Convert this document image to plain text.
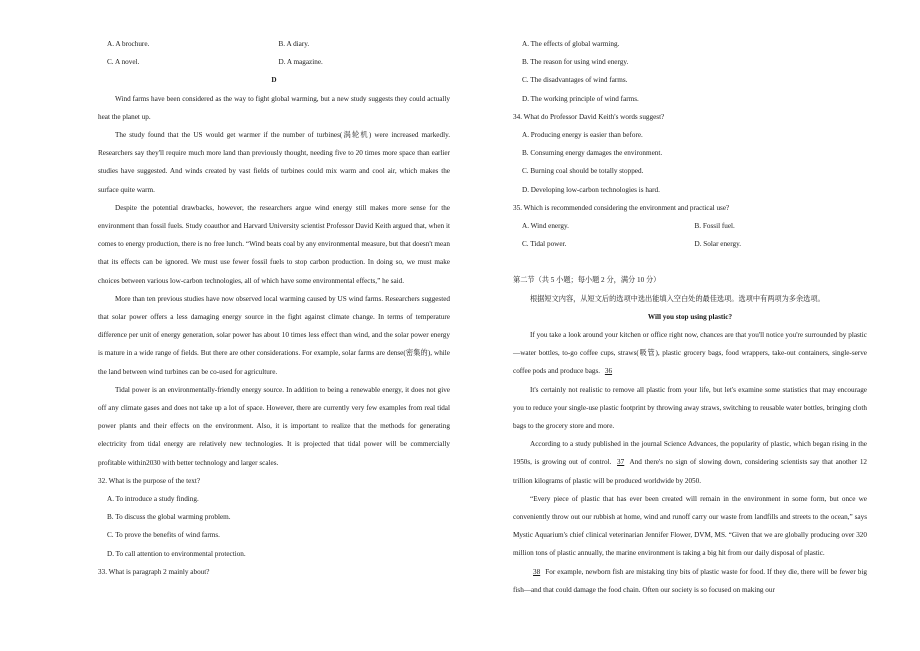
A. A brochure.	B. A diary.
C. A novel.	D. A magazine.
D

Wind farms have been considered as the way to fight global warming, but a new study suggests they could actually heat the planet up.

The study found that the US would get warmer if the number of turbines(涡轮机) were increased markedly. Researchers say they'll require much more land than previously thought, needing five to 20 times more space than earlier studies have suggested. And winds created by vast fields of turbines could mix warm and cool air, which makes the surface quite warm.

Despite the potential drawbacks, however, the researchers argue wind energy still makes more sense for the environment than fossil fuels. Study coauthor and Harvard University scientist Professor David Keith argued that, when it comes to energy production, there is no free lunch. “Wind beats coal by any environmental measure, but that doesn't mean that its effects can be ignored. We must use fewer fossil fuels to stop carbon production. In doing so, we must make choices between various low-carbon technologies, all of which have some environmental effects,” he said.

More than ten previous studies have now observed local warming caused by US wind farms. Researchers suggested that solar power offers a less damaging energy source in the fight against climate change. In terms of temperature difference per unit of energy generation, solar power has about 10 times less effect than wind, and the solar power energy is mature in a wide range of fields. But there are other considerations. For example, solar farms are dense(密集的), while the land between wind turbines can be co-used for agriculture.

Tidal power is an environmentally-friendly energy source. In addition to being a renewable energy, it does not give off any climate gases and does not take up a lot of space. However, there are currently very few examples from real tidal power plants and their effects on the environment. Also, it is important to realize that the methods for generating electricity from tidal energy are relatively new technologies. It is projected that tidal power will be commercially profitable within2030 with better technology and larger scales.

32. What is the purpose of the text?
A. To introduce a study finding.
B. To discuss the global warming problem.
C. To prove the benefits of wind farms.
D. To call attention to environmental protection.
33. What is paragraph 2 mainly about?
A. The effects of global warming.
B. The reason for using wind energy.
C. The disadvantages of wind farms.
D. The working principle of wind farms.
34. What do Professor David Keith's words suggest?
A. Producing energy is easier than before.
B. Consuming energy damages the environment.
C. Burning coal should be totally stopped.
D. Developing low-carbon technologies is hard.
35. Which is recommended considering the environment and practical use?
A. Wind energy.	B. Fossil fuel.
C. Tidal power.	D. Solar energy.
第二节（共 5 小题；每小题 2 分，满分 10 分）
根据短文内容，从短文后的选项中选出能填入空白处的最佳选项。选项中有两项为多余选项。
Will you stop using plastic?

If you take a look around your kitchen or office right now, chances are that you'll notice you're surrounded by plastic—water bottles, to-go coffee cups, straws(吸管), plastic grocery bags, food wrappers, take-out containers, single-serve coffee pods and produce bags. 36

It's certainly not realistic to remove all plastic from your life, but let's examine some statistics that may encourage you to reduce your single-use plastic footprint by throwing away straws, switching to reusable water bottles, bringing cloth bags to the grocery store and more.

According to a study published in the journal Science Advances, the popularity of plastic, which began rising in the 1950s, is growing out of control. 37 And there's no sign of slowing down, considering scientists say that another 12 trillion kilograms of plastic will be produced worldwide by 2050.

“Every piece of plastic that has ever been created will remain in the environment in some form, but once we conveniently throw out our rubbish at home, wind and runoff carry our waste from landfills and streets to the ocean,” says Mystic Aquarium's chief clinical veterinarian Jennifer Flower, DVM, MS. “Given that we are globally producing over 320 million tons of plastic annually, the marine environment is taking a big hit from our daily disposal of plastic.

38 For example, newborn fish are mistaking tiny bits of plastic waste for food. If they die, there will be fewer big fish—and that could damage the food chain. Often our society is so focused on making our
